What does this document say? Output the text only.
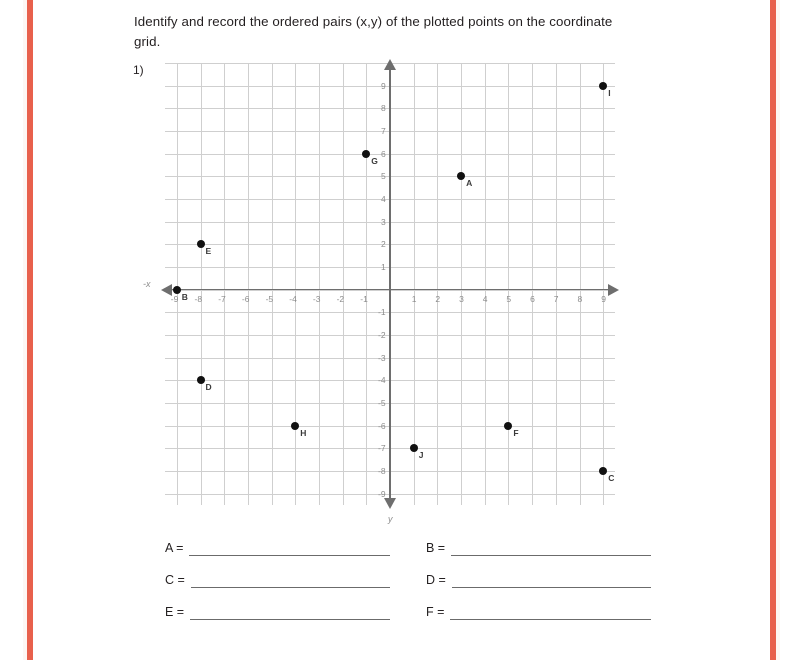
Identify and record the ordered pairs (x,y) of the plotted points on the coordinate grid.
1)
-9 -8 -7 -6 -5 -4 -3 -2 -1	1 2 3 4 5 6 7 8 9
9
8
7
6
5
4
3
2
1
-1
-2
-3
-4
-5
-6
-7
-8
-9
A
B
C
D
E
F
G
H
I
J
-x
y
A =	B =
C =	D =
E =	F =
